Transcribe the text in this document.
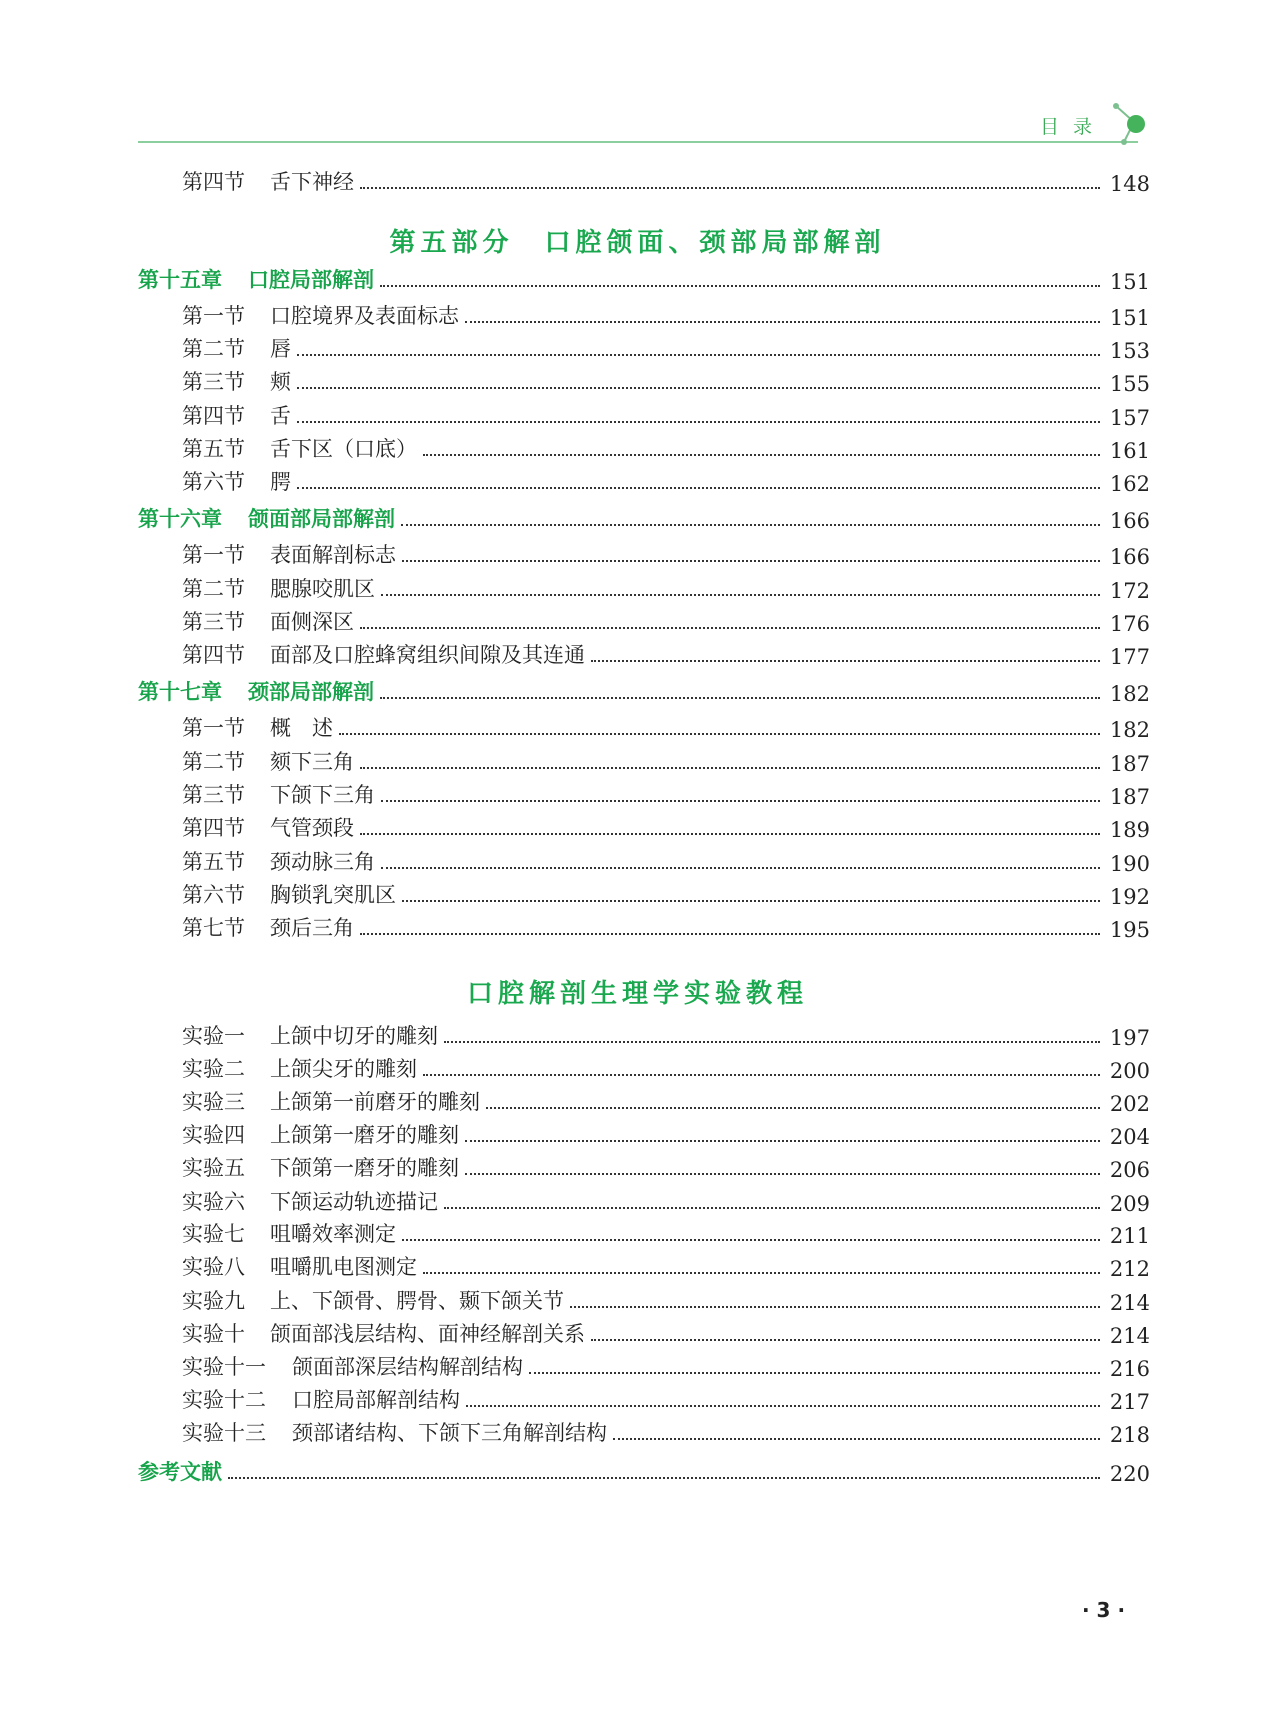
目录
第四节	舌下神经	148
第五部分　口腔颌面、颈部局部解剖
第十五章	口腔局部解剖	151
第一节	口腔境界及表面标志	151
第二节	唇	153
第三节	颊	155
第四节	舌	157
第五节	舌下区（口底）	161
第六节	腭	162
第十六章	颌面部局部解剖	166
第一节	表面解剖标志	166
第二节	腮腺咬肌区	172
第三节	面侧深区	176
第四节	面部及口腔蜂窝组织间隙及其连通	177
第十七章	颈部局部解剖	182
第一节	概　述	182
第二节	颏下三角	187
第三节	下颌下三角	187
第四节	气管颈段	189
第五节	颈动脉三角	190
第六节	胸锁乳突肌区	192
第七节	颈后三角	195
口腔解剖生理学实验教程
实验一	上颌中切牙的雕刻	197
实验二	上颌尖牙的雕刻	200
实验三	上颌第一前磨牙的雕刻	202
实验四	上颌第一磨牙的雕刻	204
实验五	下颌第一磨牙的雕刻	206
实验六	下颌运动轨迹描记	209
实验七	咀嚼效率测定	211
实验八	咀嚼肌电图测定	212
实验九	上、下颌骨、腭骨、颞下颌关节	214
实验十	颌面部浅层结构、面神经解剖关系	214
实验十一	颌面部深层结构解剖结构	216
实验十二	口腔局部解剖结构	217
实验十三	颈部诸结构、下颌下三角解剖结构	218
参考文献	220
· 3 ·
